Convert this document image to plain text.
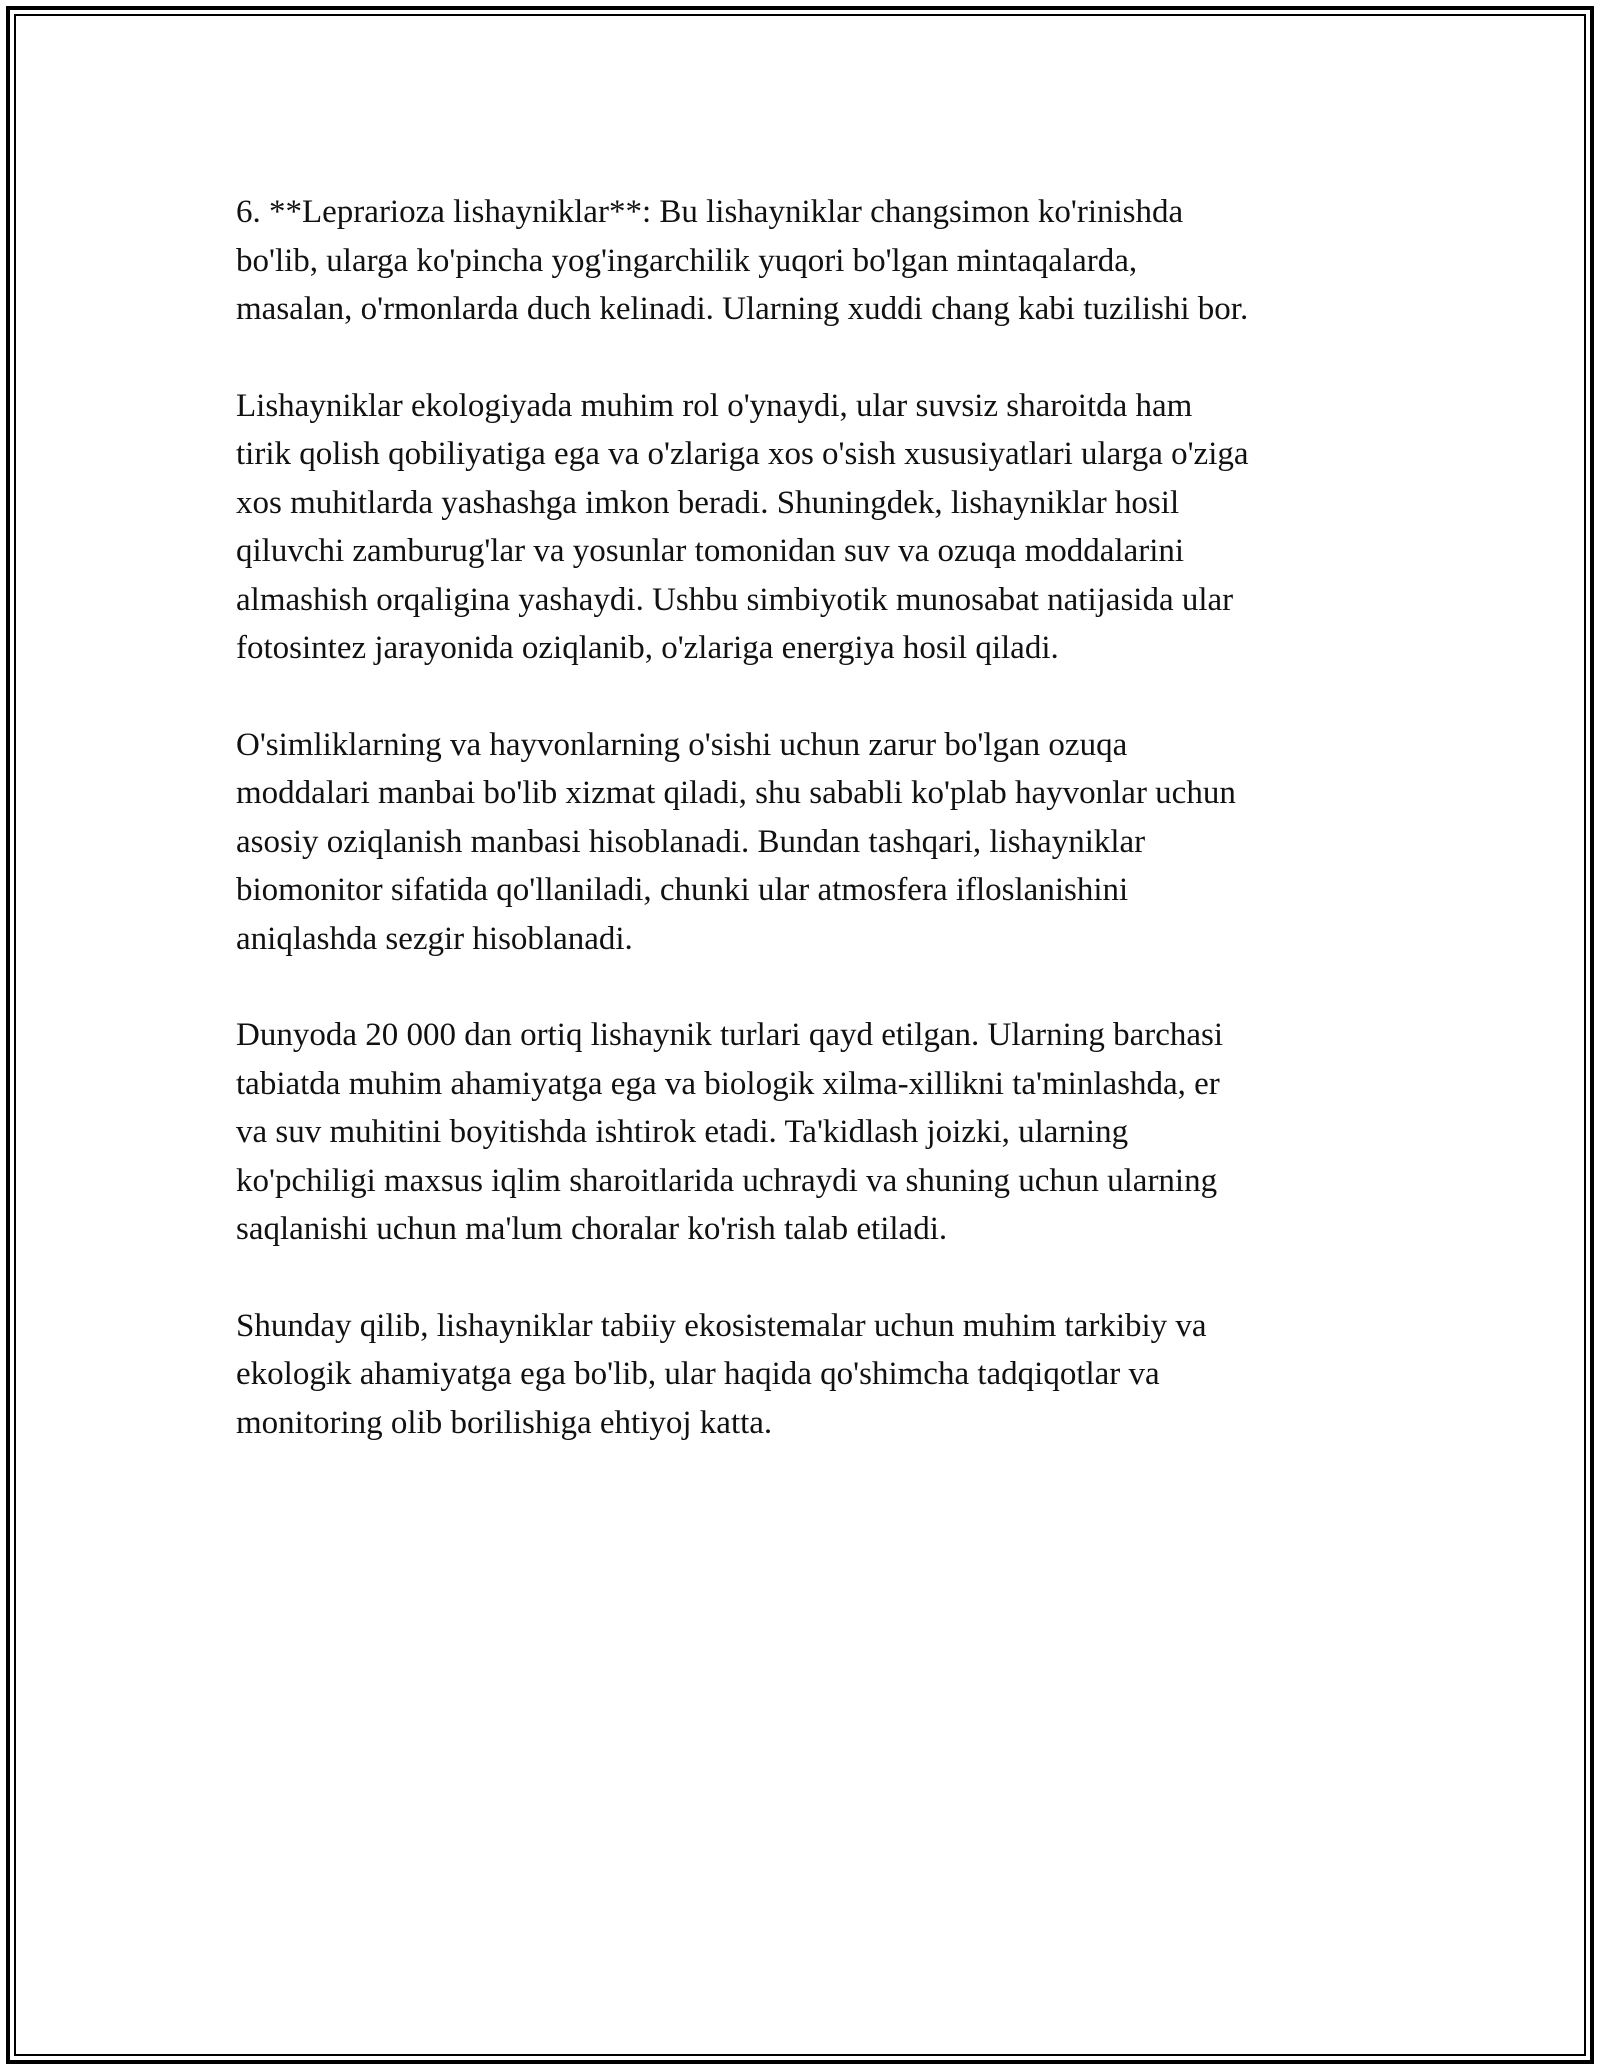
6. **Leprarioza lishayniklar**: Bu lishayniklar changsimon ko'rinishda
bo'lib, ularga ko'pincha yog'ingarchilik yuqori bo'lgan mintaqalarda,
masalan, o'rmonlarda duch kelinadi. Ularning xuddi chang kabi tuzilishi bor.

Lishayniklar ekologiyada muhim rol o'ynaydi, ular suvsiz sharoitda ham
tirik qolish qobiliyatiga ega va o'zlariga xos o'sish xususiyatlari ularga o'ziga
xos muhitlarda yashashga imkon beradi. Shuningdek, lishayniklar hosil
qiluvchi zamburug'lar va yosunlar tomonidan suv va ozuqa moddalarini
almashish orqaligina yashaydi. Ushbu simbiyotik munosabat natijasida ular
fotosintez jarayonida oziqlanib, o'zlariga energiya hosil qiladi.

O'simliklarning va hayvonlarning o'sishi uchun zarur bo'lgan ozuqa
moddalari manbai bo'lib xizmat qiladi, shu sababli ko'plab hayvonlar uchun
asosiy oziqlanish manbasi hisoblanadi. Bundan tashqari, lishayniklar
biomonitor sifatida qo'llaniladi, chunki ular atmosfera ifloslanishini
aniqlashda sezgir hisoblanadi.

Dunyoda 20 000 dan ortiq lishaynik turlari qayd etilgan. Ularning barchasi
tabiatda muhim ahamiyatga ega va biologik xilma-xillikni ta'minlashda, er
va suv muhitini boyitishda ishtirok etadi. Ta'kidlash joizki, ularning
ko'pchiligi maxsus iqlim sharoitlarida uchraydi va shuning uchun ularning
saqlanishi uchun ma'lum choralar ko'rish talab etiladi.

Shunday qilib, lishayniklar tabiiy ekosistemalar uchun muhim tarkibiy va
ekologik ahamiyatga ega bo'lib, ular haqida qo'shimcha tadqiqotlar va
monitoring olib borilishiga ehtiyoj katta.
